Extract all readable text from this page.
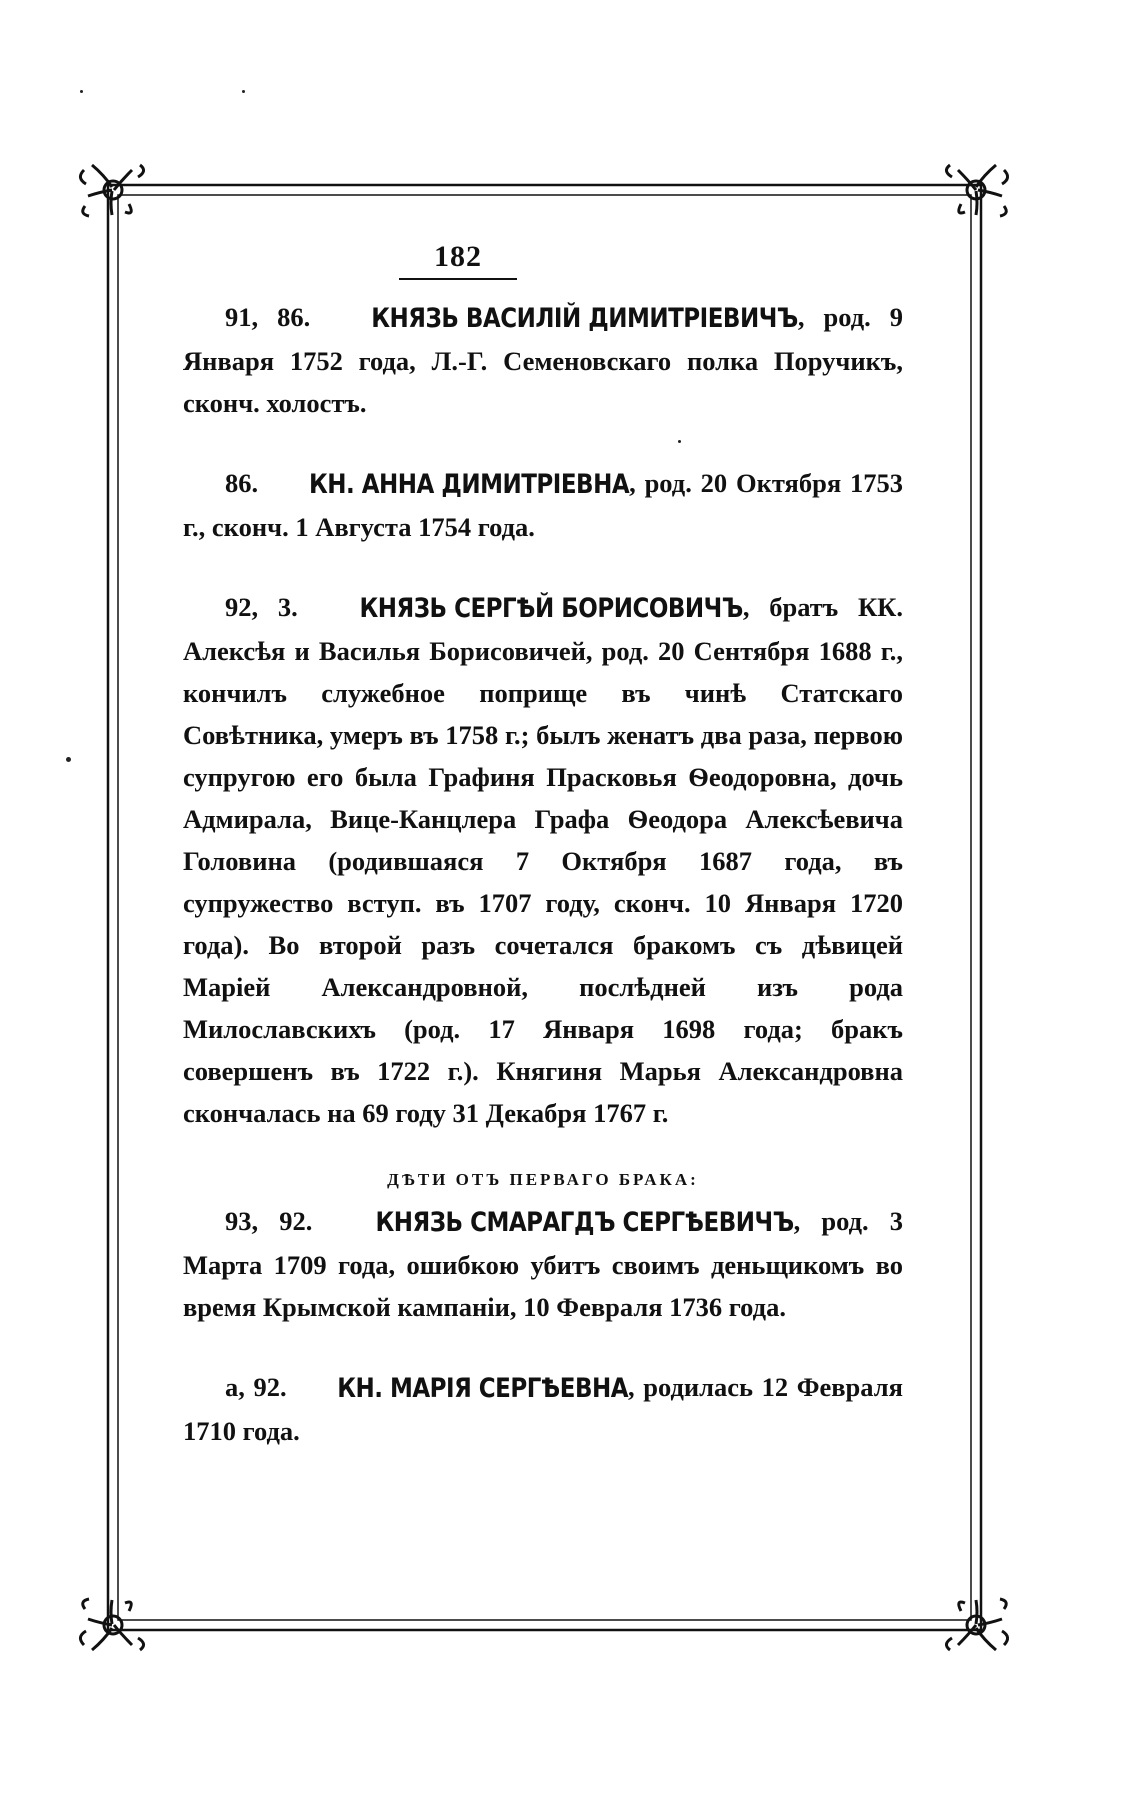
182

91, 86.	КНЯЗЬ ВАСИЛІЙ ДИМИТРІЕВИЧЪ, род. 9 Января 1752 года, Л.-Г. Семеновскаго полка Поручикъ, сконч. холостъ.

86. КН. АННА ДИМИТРІЕВНА, род. 20 Октября 1753 г., сконч. 1 Августа 1754 года.

92, 3.	КНЯЗЬ СЕРГѢЙ БОРИСОВИЧЪ, братъ КК. Алексѣя и Василья Борисовичей, род. 20 Сентября 1688 г., кончилъ служебное поприще въ чинѣ Статскаго Совѣтника, умеръ въ 1758 г.; былъ женатъ два раза, первою супругою его была Графиня Прасковья Ѳеодоровна, дочь Адмирала, Вице-Канцлера Графа Ѳеодора Алексѣевича Головина (родившаяся 7 Октября 1687 года, въ супружество вступ. въ 1707 году, сконч. 10 Января 1720 года). Во второй разъ сочетался бракомъ съ дѣвицей Маріей Александровной, послѣдней изъ рода Милославскихъ (род. 17 Января 1698 года; бракъ совершенъ въ 1722 г.). Княгиня Марья Александровна скончалась на 69 году 31 Декабря 1767 г.

ДѢТИ ОТЪ ПЕРВАГО БРАКА:

93, 92.	КНЯЗЬ СМАРАГДЪ СЕРГѢЕВИЧЪ, род. 3 Марта 1709 года, ошибкою убитъ своимъ деньщикомъ во время Крымской кампаніи, 10 Февраля 1736 года.

а, 92. КН. МАРІЯ СЕРГѢЕВНА, родилась 12 Февраля 1710 года.
